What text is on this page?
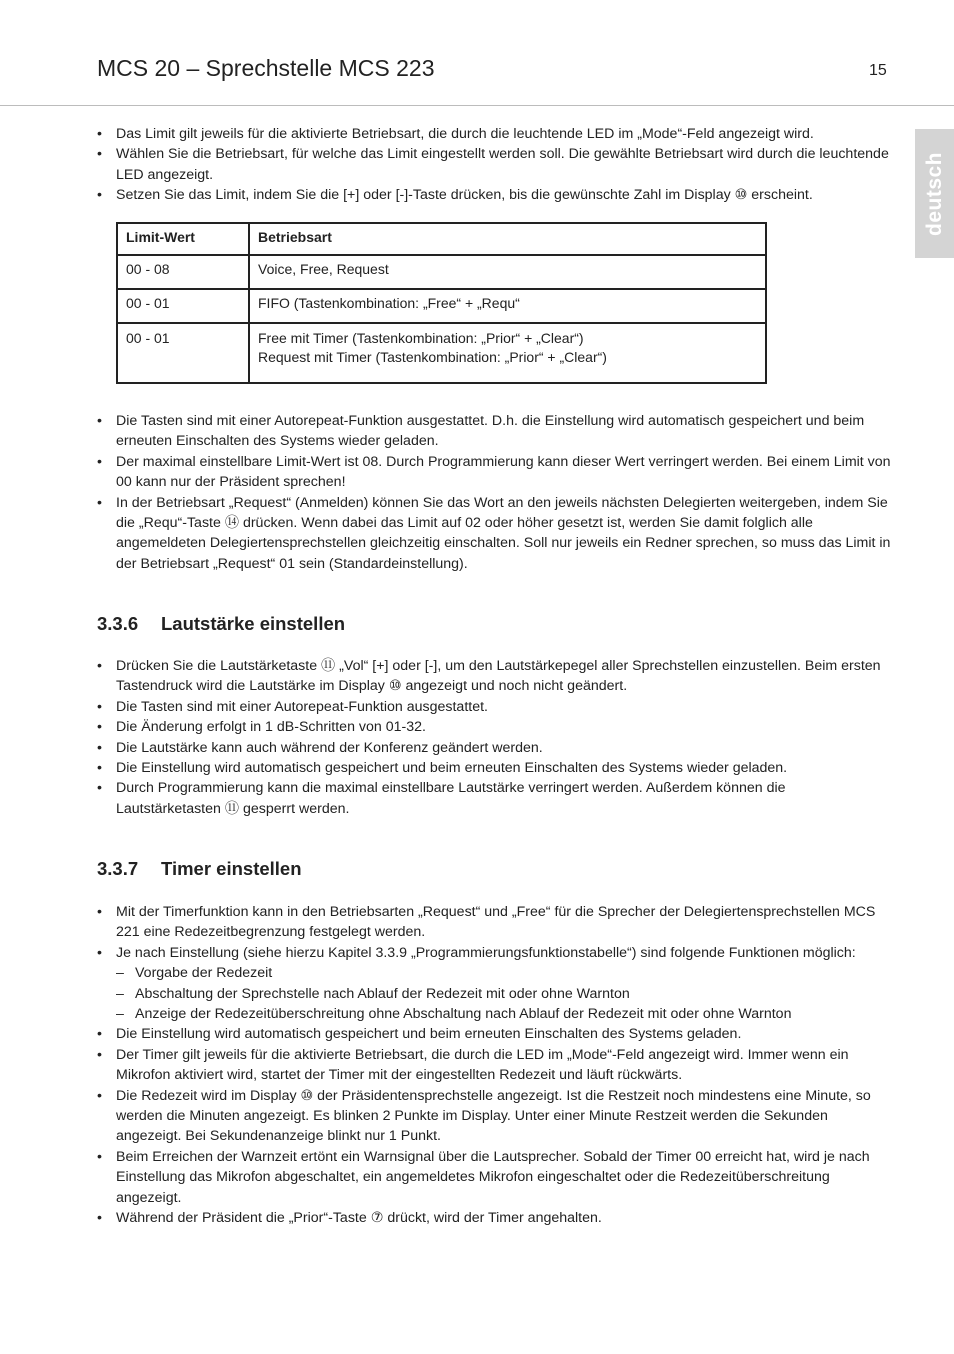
MCS 20 – Sprechstelle MCS 223	15
deutsch
• Das Limit gilt jeweils für die aktivierte Betriebsart, die durch die leuchtende LED im „Mode“-Feld angezeigt wird.
• Wählen Sie die Betriebsart, für welche das Limit eingestellt werden soll. Die gewählte Betriebsart wird durch die leuchtende LED angezeigt.
• Setzen Sie das Limit, indem Sie die [+] oder [-]-Taste drücken, bis die gewünschte Zahl im Display ⑩ erscheint.
Limit-Wert	Betriebsart
00 - 08	Voice, Free, Request
00 - 01	FIFO (Tastenkombination: „Free“ + „Requ“
00 - 01	Free mit Timer (Tastenkombination: „Prior“ + „Clear“)
Request mit Timer (Tastenkombination: „Prior“ + „Clear“)
• Die Tasten sind mit einer Autorepeat-Funktion ausgestattet. D.h. die Einstellung wird automatisch gespeichert und beim erneuten Einschalten des Systems wieder geladen.
• Der maximal einstellbare Limit-Wert ist 08. Durch Programmierung kann dieser Wert verringert werden. Bei einem Limit von 00 kann nur der Präsident sprechen!
• In der Betriebsart „Request“ (Anmelden) können Sie das Wort an den jeweils nächsten Delegierten weitergeben, indem Sie die „Requ“-Taste ⑭ drücken. Wenn dabei das Limit auf 02 oder höher gesetzt ist, werden Sie damit folglich alle angemeldeten Delegiertensprechstellen gleichzeitig einschalten. Soll nur jeweils ein Redner sprechen, so muss das Limit in der Betriebsart „Request“ 01 sein (Standardeinstellung).
3.3.6 Lautstärke einstellen
• Drücken Sie die Lautstärketaste ⑪ „Vol“ [+] oder [-], um den Lautstärkepegel aller Sprechstellen einzustellen. Beim ersten Tastendruck wird die Lautstärke im Display ⑩ angezeigt und noch nicht geändert.
• Die Tasten sind mit einer Autorepeat-Funktion ausgestattet.
• Die Änderung erfolgt in 1 dB-Schritten von 01-32.
• Die Lautstärke kann auch während der Konferenz geändert werden.
• Die Einstellung wird automatisch gespeichert und beim erneuten Einschalten des Systems wieder geladen.
• Durch Programmierung kann die maximal einstellbare Lautstärke verringert werden. Außerdem können die Lautstärketasten ⑪ gesperrt werden.
3.3.7 Timer einstellen
• Mit der Timerfunktion kann in den Betriebsarten „Request“ und „Free“ für die Sprecher der Delegiertensprechstellen MCS 221 eine Redezeitbegrenzung festgelegt werden.
• Je nach Einstellung (siehe hierzu Kapitel 3.3.9 „Programmierungsfunktionstabelle“) sind folgende Funktionen möglich:
– Vorgabe der Redezeit
– Abschaltung der Sprechstelle nach Ablauf der Redezeit mit oder ohne Warnton
– Anzeige der Redezeitüberschreitung ohne Abschaltung nach Ablauf der Redezeit mit oder ohne Warnton
• Die Einstellung wird automatisch gespeichert und beim erneuten Einschalten des Systems geladen.
• Der Timer gilt jeweils für die aktivierte Betriebsart, die durch die LED im „Mode“-Feld angezeigt wird. Immer wenn ein Mikrofon aktiviert wird, startet der Timer mit der eingestellten Redezeit und läuft rückwärts.
• Die Redezeit wird im Display ⑩ der Präsidentensprechstelle angezeigt. Ist die Restzeit noch mindestens eine Minute, so werden die Minuten angezeigt. Es blinken 2 Punkte im Display. Unter einer Minute Restzeit werden die Sekunden angezeigt. Bei Sekundenanzeige blinkt nur 1 Punkt.
• Beim Erreichen der Warnzeit ertönt ein Warnsignal über die Lautsprecher. Sobald der Timer 00 erreicht hat, wird je nach Einstellung das Mikrofon abgeschaltet, ein angemeldetes Mikrofon eingeschaltet oder die Redezeitüberschreitung angezeigt.
• Während der Präsident die „Prior“-Taste ⑦ drückt, wird der Timer angehalten.
